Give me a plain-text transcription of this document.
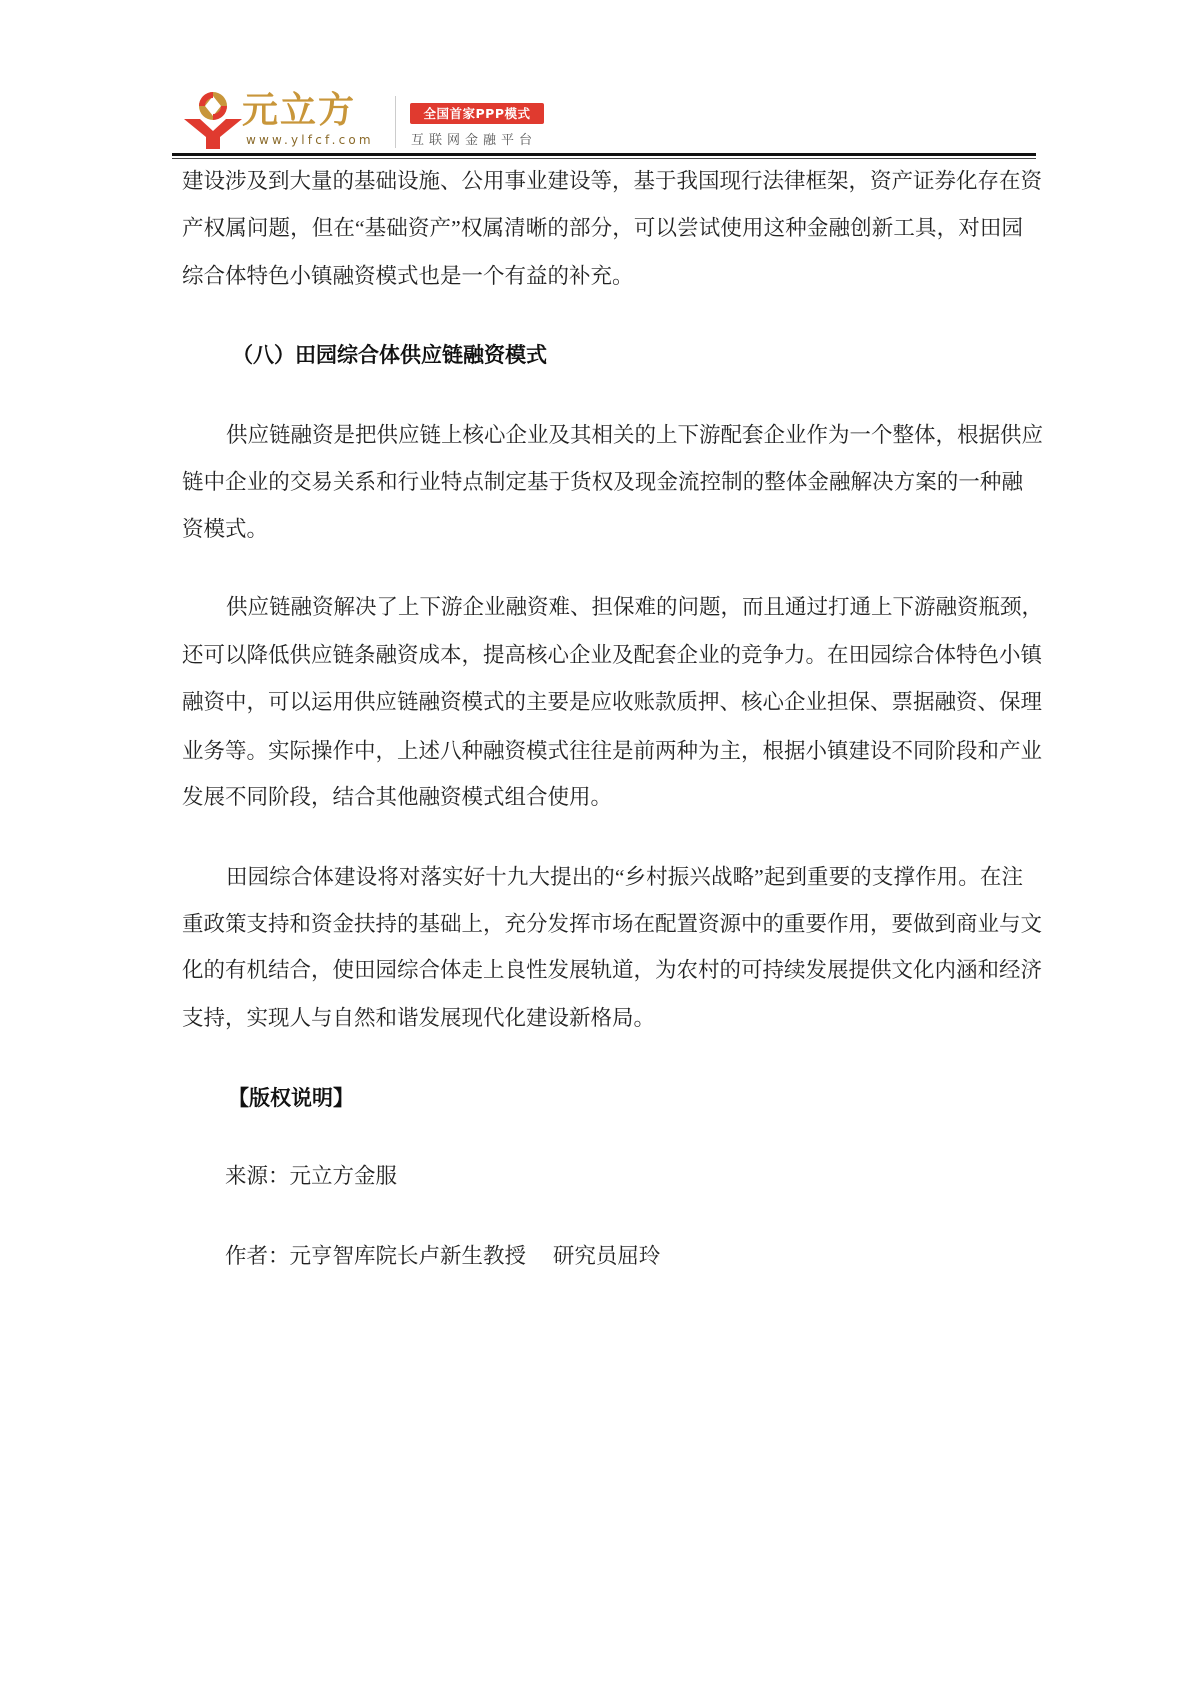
元立方
www.ylfcf.com
全国首家PPP模式
互联网金融平台
建设涉及到大量的基础设施、公用事业建设等，基于我国现行法律框架，资产证券化存在资
产权属问题，但在“基础资产”权属清晰的部分，可以尝试使用这种金融创新工具，对田园
综合体特色小镇融资模式也是一个有益的补充。
供应链融资是把供应链上核心企业及其相关的上下游配套企业作为一个整体，根据供应
链中企业的交易关系和行业特点制定基于货权及现金流控制的整体金融解决方案的一种融
资模式。
供应链融资解决了上下游企业融资难、担保难的问题，而且通过打通上下游融资瓶颈，
还可以降低供应链条融资成本，提高核心企业及配套企业的竞争力。在田园综合体特色小镇
融资中，可以运用供应链融资模式的主要是应收账款质押、核心企业担保、票据融资、保理
业务等。实际操作中，上述八种融资模式往往是前两种为主，根据小镇建设不同阶段和产业
发展不同阶段，结合其他融资模式组合使用。
田园综合体建设将对落实好十九大提出的“乡村振兴战略”起到重要的支撑作用。在注
重政策支持和资金扶持的基础上，充分发挥市场在配置资源中的重要作用，要做到商业与文
化的有机结合，使田园综合体走上良性发展轨道，为农村的可持续发展提供文化内涵和经济
支持，实现人与自然和谐发展现代化建设新格局。
（八）田园综合体供应链融资模式
【版权说明】
来源：元立方金服
作者：元亨智库院长卢新生教授     研究员屈玲
